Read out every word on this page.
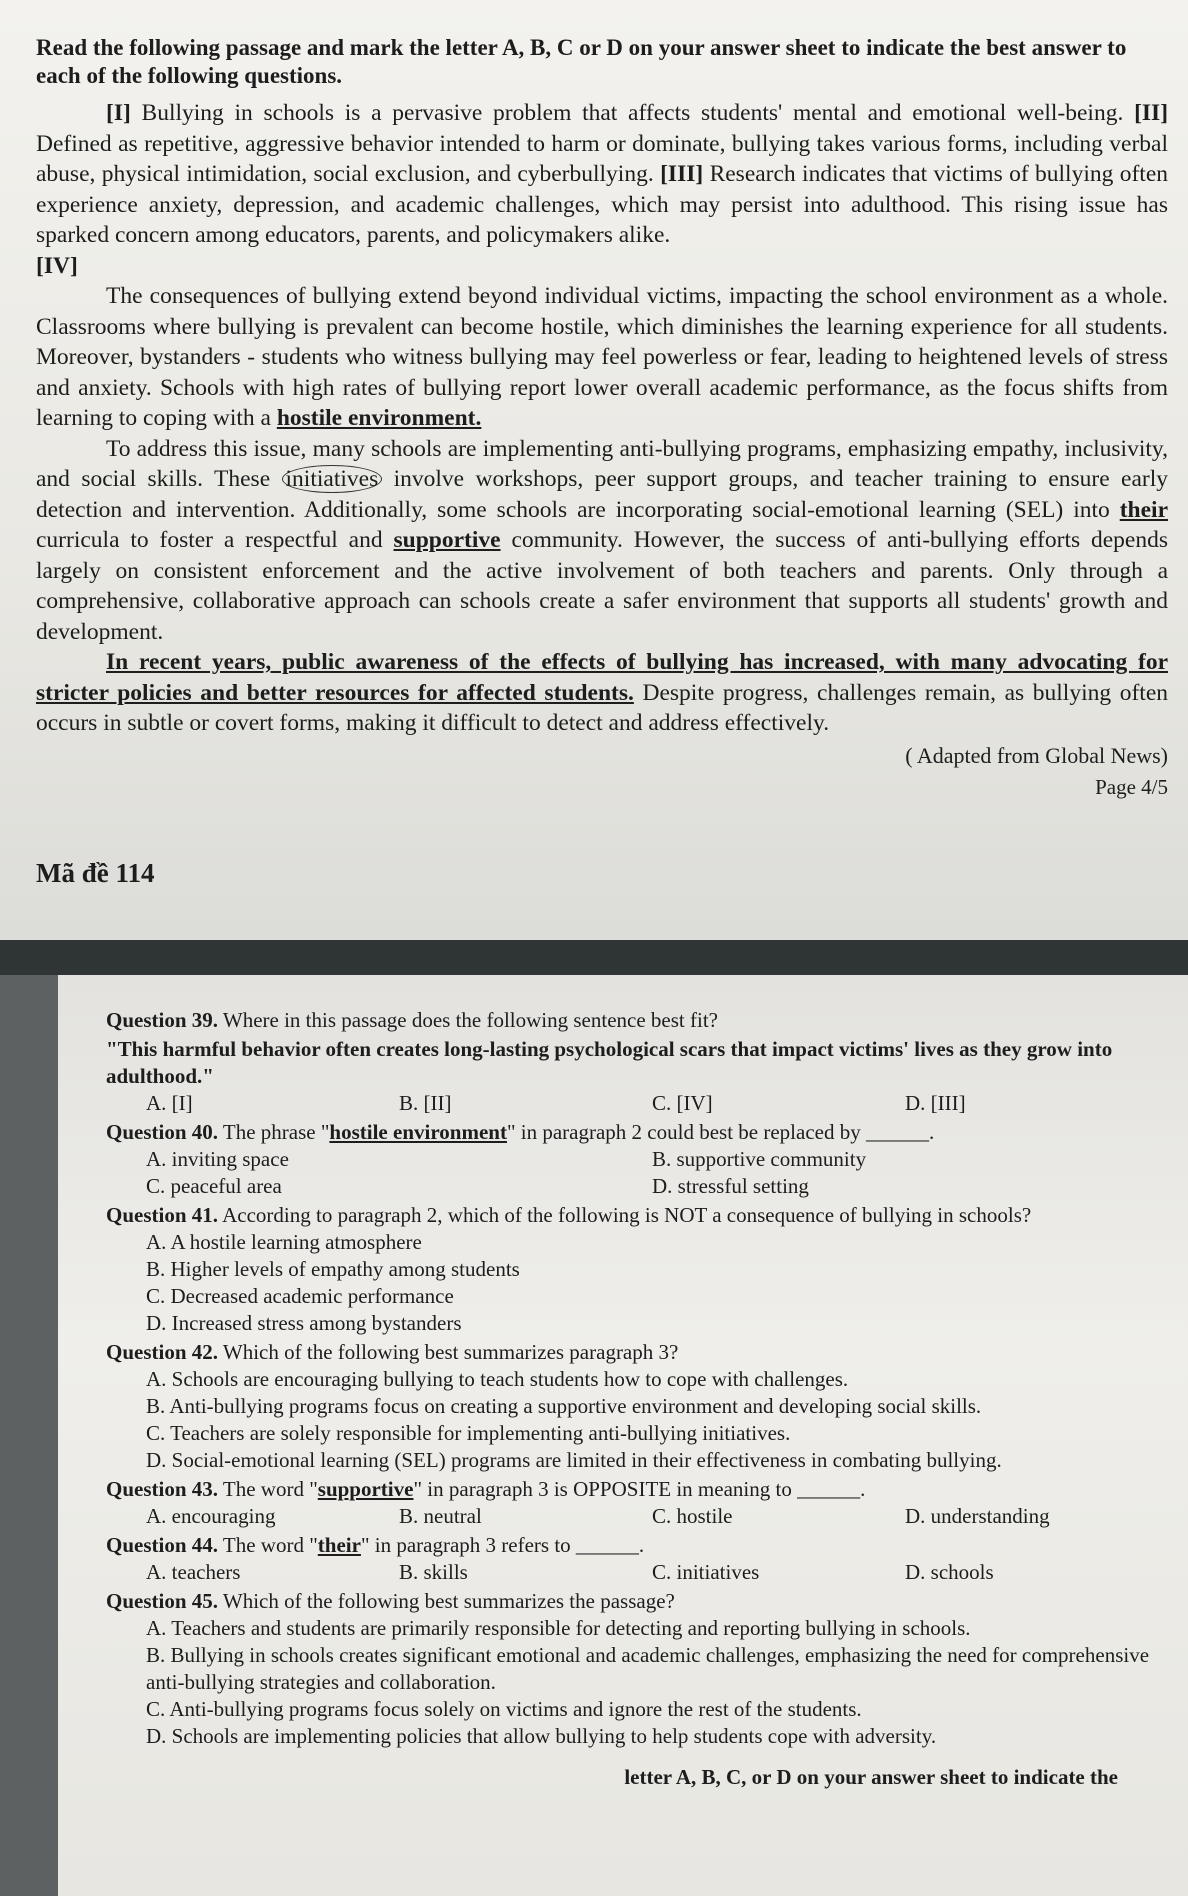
Read the following passage and mark the letter A, B, C or D on your answer sheet to indicate the best answer to each of the following questions.

[I] Bullying in schools is a pervasive problem that affects students' mental and emotional well-being. [II] Defined as repetitive, aggressive behavior intended to harm or dominate, bullying takes various forms, including verbal abuse, physical intimidation, social exclusion, and cyberbullying. [III] Research indicates that victims of bullying often experience anxiety, depression, and academic challenges, which may persist into adulthood. This rising issue has sparked concern among educators, parents, and policymakers alike.

[IV]

The consequences of bullying extend beyond individual victims, impacting the school environment as a whole. Classrooms where bullying is prevalent can become hostile, which diminishes the learning experience for all students. Moreover, bystanders - students who witness bullying may feel powerless or fear, leading to heightened levels of stress and anxiety. Schools with high rates of bullying report lower overall academic performance, as the focus shifts from learning to coping with a hostile environment.

To address this issue, many schools are implementing anti-bullying programs, emphasizing empathy, inclusivity, and social skills. These initiatives involve workshops, peer support groups, and teacher training to ensure early detection and intervention. Additionally, some schools are incorporating social-emotional learning (SEL) into their curricula to foster a respectful and supportive community. However, the success of anti-bullying efforts depends largely on consistent enforcement and the active involvement of both teachers and parents. Only through a comprehensive, collaborative approach can schools create a safer environment that supports all students' growth and development.

In recent years, public awareness of the effects of bullying has increased, with many advocating for stricter policies and better resources for affected students. Despite progress, challenges remain, as bullying often occurs in subtle or covert forms, making it difficult to detect and address effectively.

( Adapted from Global News)

Page 4/5

Mã đề 114

Question 39. Where in this passage does the following sentence best fit?

"This harmful behavior often creates long-lasting psychological scars that impact victims' lives as they grow into adulthood."

A. [I]	B. [II]	C. [IV]	D. [III]

Question 40. The phrase "hostile environment" in paragraph 2 could best be replaced by ______.

A. inviting space	B. supportive community
C. peaceful area	D. stressful setting

Question 41. According to paragraph 2, which of the following is NOT a consequence of bullying in schools?

A. A hostile learning atmosphere
B. Higher levels of empathy among students
C. Decreased academic performance
D. Increased stress among bystanders

Question 42. Which of the following best summarizes paragraph 3?

A. Schools are encouraging bullying to teach students how to cope with challenges.
B. Anti-bullying programs focus on creating a supportive environment and developing social skills.
C. Teachers are solely responsible for implementing anti-bullying initiatives.
D. Social-emotional learning (SEL) programs are limited in their effectiveness in combating bullying.

Question 43. The word "supportive" in paragraph 3 is OPPOSITE in meaning to ______.

A. encouraging	B. neutral	C. hostile	D. understanding

Question 44. The word "their" in paragraph 3 refers to ______.

A. teachers	B. skills	C. initiatives	D. schools

Question 45. Which of the following best summarizes the passage?

A. Teachers and students are primarily responsible for detecting and reporting bullying in schools.
B. Bullying in schools creates significant emotional and academic challenges, emphasizing the need for comprehensive anti-bullying strategies and collaboration.
C. Anti-bullying programs focus solely on victims and ignore the rest of the students.
D. Schools are implementing policies that allow bullying to help students cope with adversity.

letter A, B, C, or D on your answer sheet to indicate the
